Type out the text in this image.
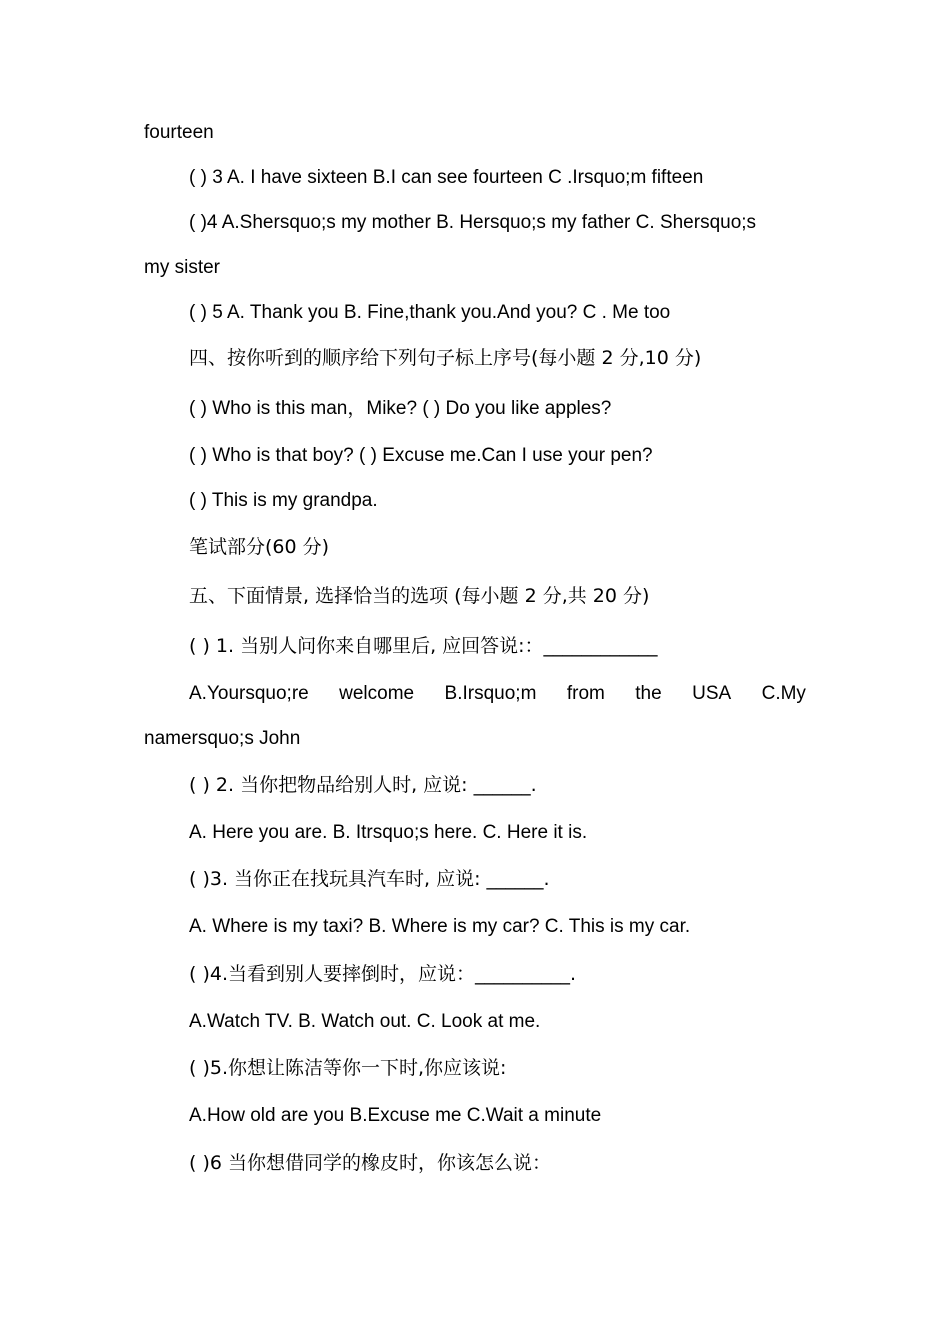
fourteen
( ) 3 A. I have sixteen B.I can see fourteen C .Irsquo;m fifteen
( )4 A.Shersquo;s my mother B. Hersquo;s my father C. Shersquo;s
my sister
( ) 5 A. Thank you B. Fine,thank you.And you? C . Me too
四、按你听到的顺序给下列句子标上序号(每小题 2 分,10 分)
( ) Who is this man，Mike? ( ) Do you like apples?
( ) Who is that boy? ( ) Excuse me.Can I use your pen?
( ) This is my grandpa.
笔试部分(60 分)
五、下面情景, 选择恰当的选项 (每小题 2 分,共 20 分)
( ) 1. 当别人问你来自哪里后, 应回答说:：____________
A.Yoursquo;re welcome B.Irsquo;m from the USA C.My
namersquo;s John
( ) 2. 当你把物品给别人时, 应说: ______.
A. Here you are. B. Itrsquo;s here. C. Here it is.
( )3. 当你正在找玩具汽车时, 应说: ______.
A. Where is my taxi? B. Where is my car? C. This is my car.
( )4.当看到别人要摔倒时，应说：__________.
A.Watch TV. B. Watch out. C. Look at me.
( )5.你想让陈洁等你一下时,你应该说:
A.How old are you B.Excuse me C.Wait a minute
( )6 当你想借同学的橡皮时，你该怎么说：
